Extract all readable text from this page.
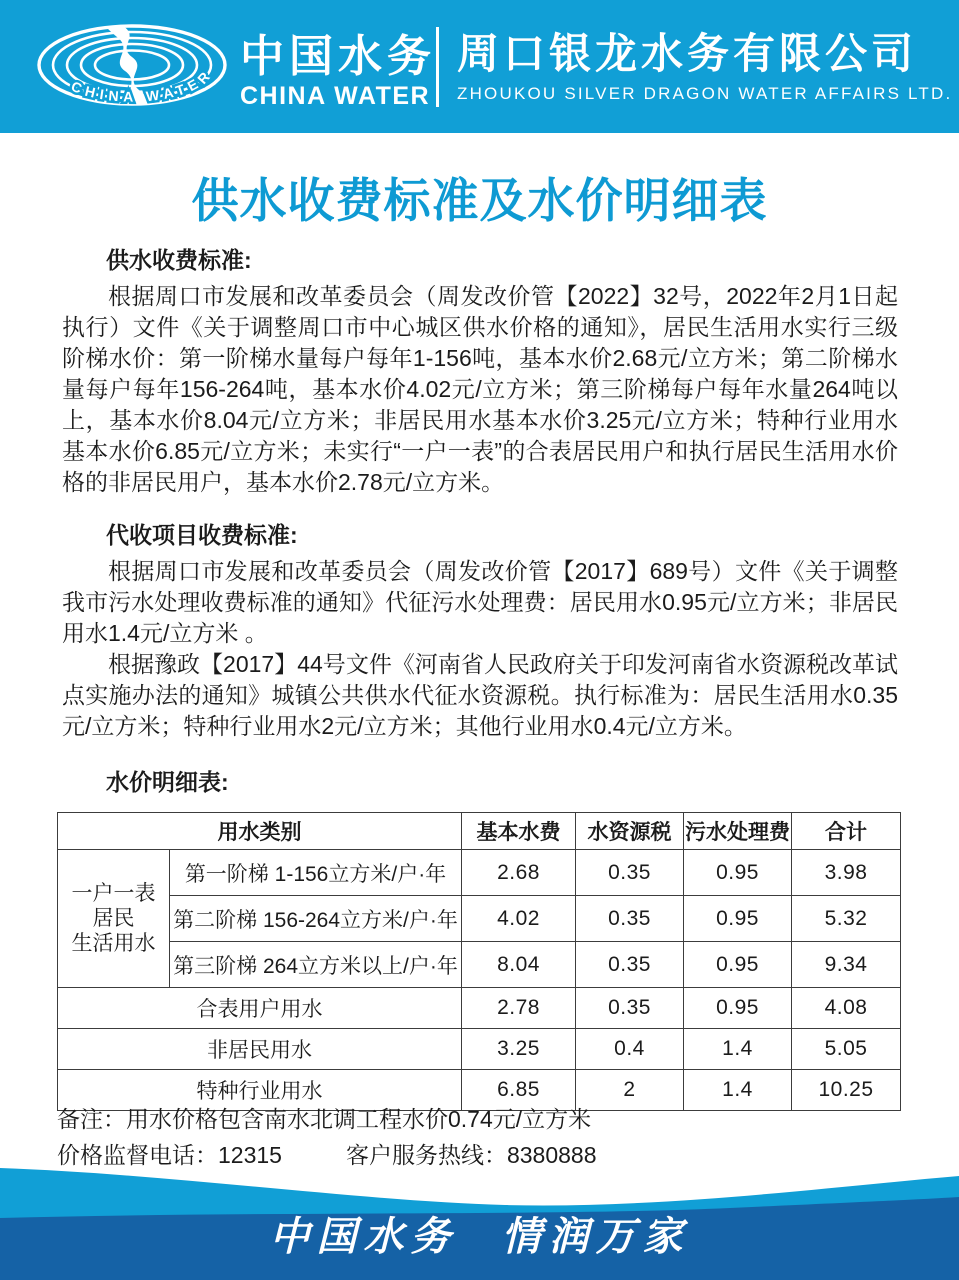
CHINA WATER 中国水务
CHINA WATER
周口银龙水务有限公司
ZHOUKOU SILVER DRAGON WATER AFFAIRS LTD.
供水收费标准及水价明细表
供水收费标准:

根据周口市发展和改革委员会（周发改价管【2022】32号，2022年2月1日起执行）文件《关于调整周口市中心城区供水价格的通知》，居民生活用水实行三级阶梯水价：第一阶梯水量每户每年1-156吨，基本水价2.68元/立方米；第二阶梯水量每户每年156-264吨，基本水价4.02元/立方米；第三阶梯每户每年水量264吨以上，基本水价8.04元/立方米；非居民用水基本水价3.25元/立方米；特种行业用水基本水价6.85元/立方米；未实行“一户一表”的合表居民用户和执行居民生活用水价格的非居民用户，基本水价2.78元/立方米。

代收项目收费标准:

根据周口市发展和改革委员会（周发改价管【2017】689号）文件《关于调整我市污水处理收费标准的通知》代征污水处理费：居民用水0.95元/立方米；非居民用水1.4元/立方米 。

根据豫政【2017】44号文件《河南省人民政府关于印发河南省水资源税改革试点实施办法的通知》城镇公共供水代征水资源税。执行标准为：居民生活用水0.35元/立方米；特种行业用水2元/立方米；其他行业用水0.4元/立方米。

水价明细表:
用水类别		基本水费	水资源税	污水处理费	合计

一户一表
居民
生活用水	第一阶梯 1-156立方米/户·年	2.68	0.35	0.95	3.98
	第二阶梯 156-264立方米/户·年	4.02	0.35	0.95	5.32
	第三阶梯 264立方米以上/户·年	8.04	0.35	0.95	9.34
合表用户用水		2.78	0.35	0.95	4.08
非居民用水		3.25	0.4	1.4	5.05
特种行业用水		6.85	2	1.4	10.25
备注：用水价格包含南水北调工程水价0.74元/立方米
价格监督电话：12315	客户服务热线：8380888
中国水务 情润万家
